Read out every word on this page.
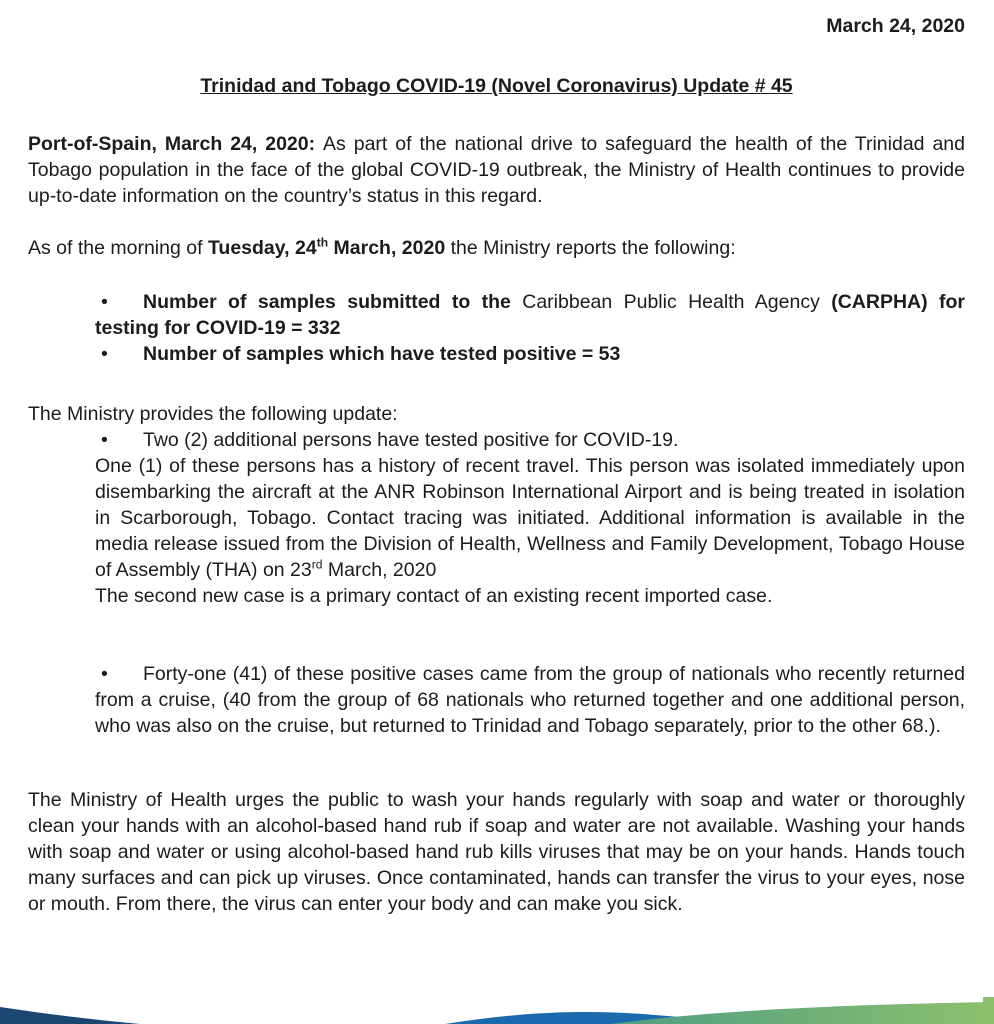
March 24, 2020
Trinidad and Tobago COVID-19 (Novel Coronavirus) Update # 45

Port-of-Spain, March 24, 2020: As part of the national drive to safeguard the health of the Trinidad and Tobago population in the face of the global COVID-19 outbreak, the Ministry of Health continues to provide up-to-date information on the country’s status in this regard.

As of the morning of Tuesday, 24th March, 2020 the Ministry reports the following:

• Number of samples submitted to the Caribbean Public Health Agency (CARPHA) for testing for COVID-19 = 332

• Number of samples which have tested positive = 53

The Ministry provides the following update:

• Two (2) additional persons have tested positive for COVID-19.

One (1) of these persons has a history of recent travel. This person was isolated immediately upon disembarking the aircraft at the ANR Robinson International Airport and is being treated in isolation in Scarborough, Tobago. Contact tracing was initiated. Additional information is available in the media release issued from the Division of Health, Wellness and Family Development, Tobago House of Assembly (THA) on 23rd March, 2020

The second new case is a primary contact of an existing recent imported case.

• Forty-one (41) of these positive cases came from the group of nationals who recently returned from a cruise, (40 from the group of 68 nationals who returned together and one additional person, who was also on the cruise, but returned to Trinidad and Tobago separately, prior to the other 68.).

The Ministry of Health urges the public to wash your hands regularly with soap and water or thoroughly clean your hands with an alcohol-based hand rub if soap and water are not available. Washing your hands with soap and water or using alcohol-based hand rub kills viruses that may be on your hands. Hands touch many surfaces and can pick up viruses. Once contaminated, hands can transfer the virus to your eyes, nose or mouth. From there, the virus can enter your body and can make you sick.
